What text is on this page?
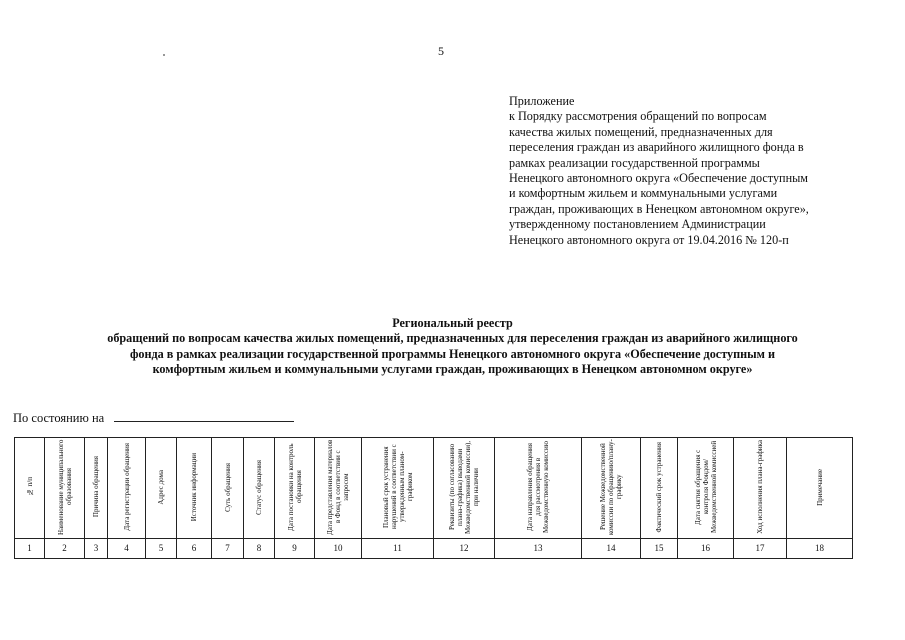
5
Приложение
к Порядку рассмотрения обращений по вопросам
качества жилых помещений, предназначенных для
переселения граждан из аварийного жилищного фонда в
рамках реализации государственной программы
Ненецкого автономного округа «Обеспечение доступным
и комфортным жильем и коммунальными услугами
граждан, проживающих в Ненецком автономном округе»,
утвержденному постановлением Администрации
Ненецкого автономного округа от 19.04.2016 № 120-п
Региональный реестр
обращений по вопросам качества жилых помещений, предназначенных для переселения граждан из аварийного жилищного
фонда в рамках реализации государственной программы Ненецкого автономного округа «Обеспечение доступным и
комфортным жильем и коммунальными услугами граждан, проживающих в Ненецком автономном округе»
По состоянию на
№ п/п	Наименование муниципального образования	Причина обращения	Дата регистрации обращения	Адрес дома	Источник информации	Суть обращения	Статус обращения	Дата постановки на контроль обращения	Дата представления материалов в Фонд в соответствии с запросом	Плановый срок устранения нарушений в соответствии с утвержденным планом-графиком	Реквизиты (по согласованию плана-графика) выводами Межведомственной комиссии), при наличии	Дата направления обращения для рассмотрения в Межведомственную комиссию	Решение Межведомственной комиссии по обращению/плану-графику	Фактический срок устранения	Дата снятия обращения с контроля Фондом/Межведомственной комиссией	Ход исполнения плана-графика	Примечание
1	2	3	4	5	6	7	8	9	10	11	12	13	14	15	16	17	18
